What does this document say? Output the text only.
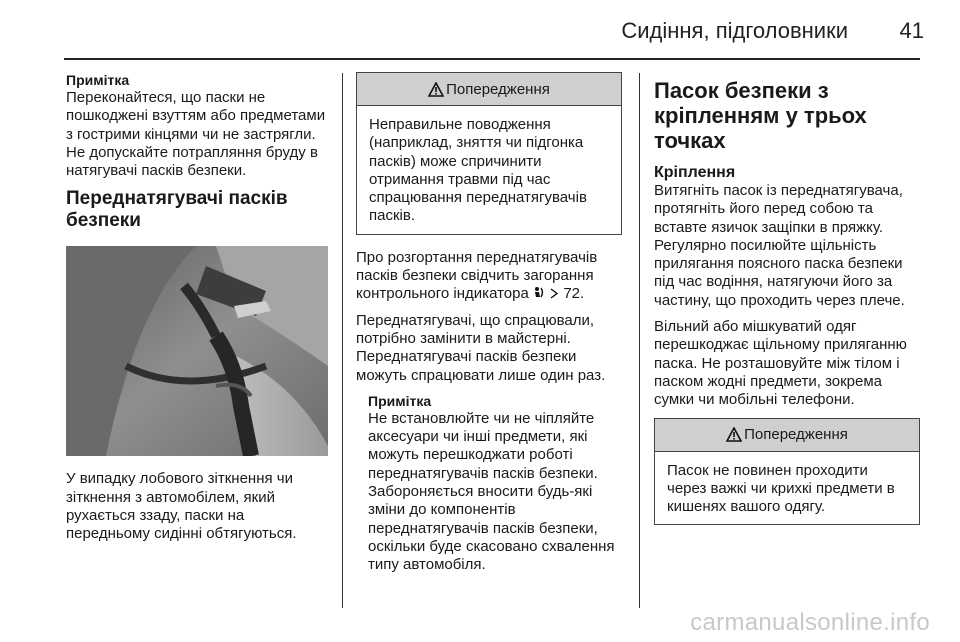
Сидіння, підголовники	41

Примітка

Переконайтеся, що паски не пошкоджені взуттям або предметами з гострими кінцями чи не застрягли. Не допускайте потрапляння бруду в натягувачі пасків безпеки.

Переднатягувачі пасків безпеки

У випадку лобового зіткнення чи зіткнення з автомобілем, який рухається ззаду, паски на передньому сидінні обтягуються.

Попередження
Неправильне поводження (наприклад, зняття чи підгонка пасків) може спричинити отримання травми під час спрацювання переднатягувачів пасків.

Про розгортання переднатягувачів пасків безпеки свідчить загорання контрольного індикатора 72.

Переднатягувачі, що спрацювали, потрібно замінити в майстерні. Переднатягувачі пасків безпеки можуть спрацювати лише один раз.

Примітка

Не встановлюйте чи не чіпляйте аксесуари чи інші предмети, які можуть перешкоджати роботі переднатягувачів пасків безпеки. Забороняється вносити будь-які зміни до компонентів переднатягувачів пасків безпеки, оскільки буде скасовано схвалення типу автомобіля.

Пасок безпеки з кріпленням у трьох точках
Кріплення

Витягніть пасок із переднатягувача, протягніть його перед собою та вставте язичок защіпки в пряжку. Регулярно посилюйте щільність прилягання поясного паска безпеки під час водіння, натягуючи його за частину, що проходить через плече.

Вільний або мішкуватий одяг перешкоджає щільному приляганню паска. Не розташовуйте між тілом і паском жодні предмети, зокрема сумки чи мобільні телефони.

Попередження
Пасок не повинен проходити через важкі чи крихкі предмети в кишенях вашого одягу.
carmanualsonline.info
